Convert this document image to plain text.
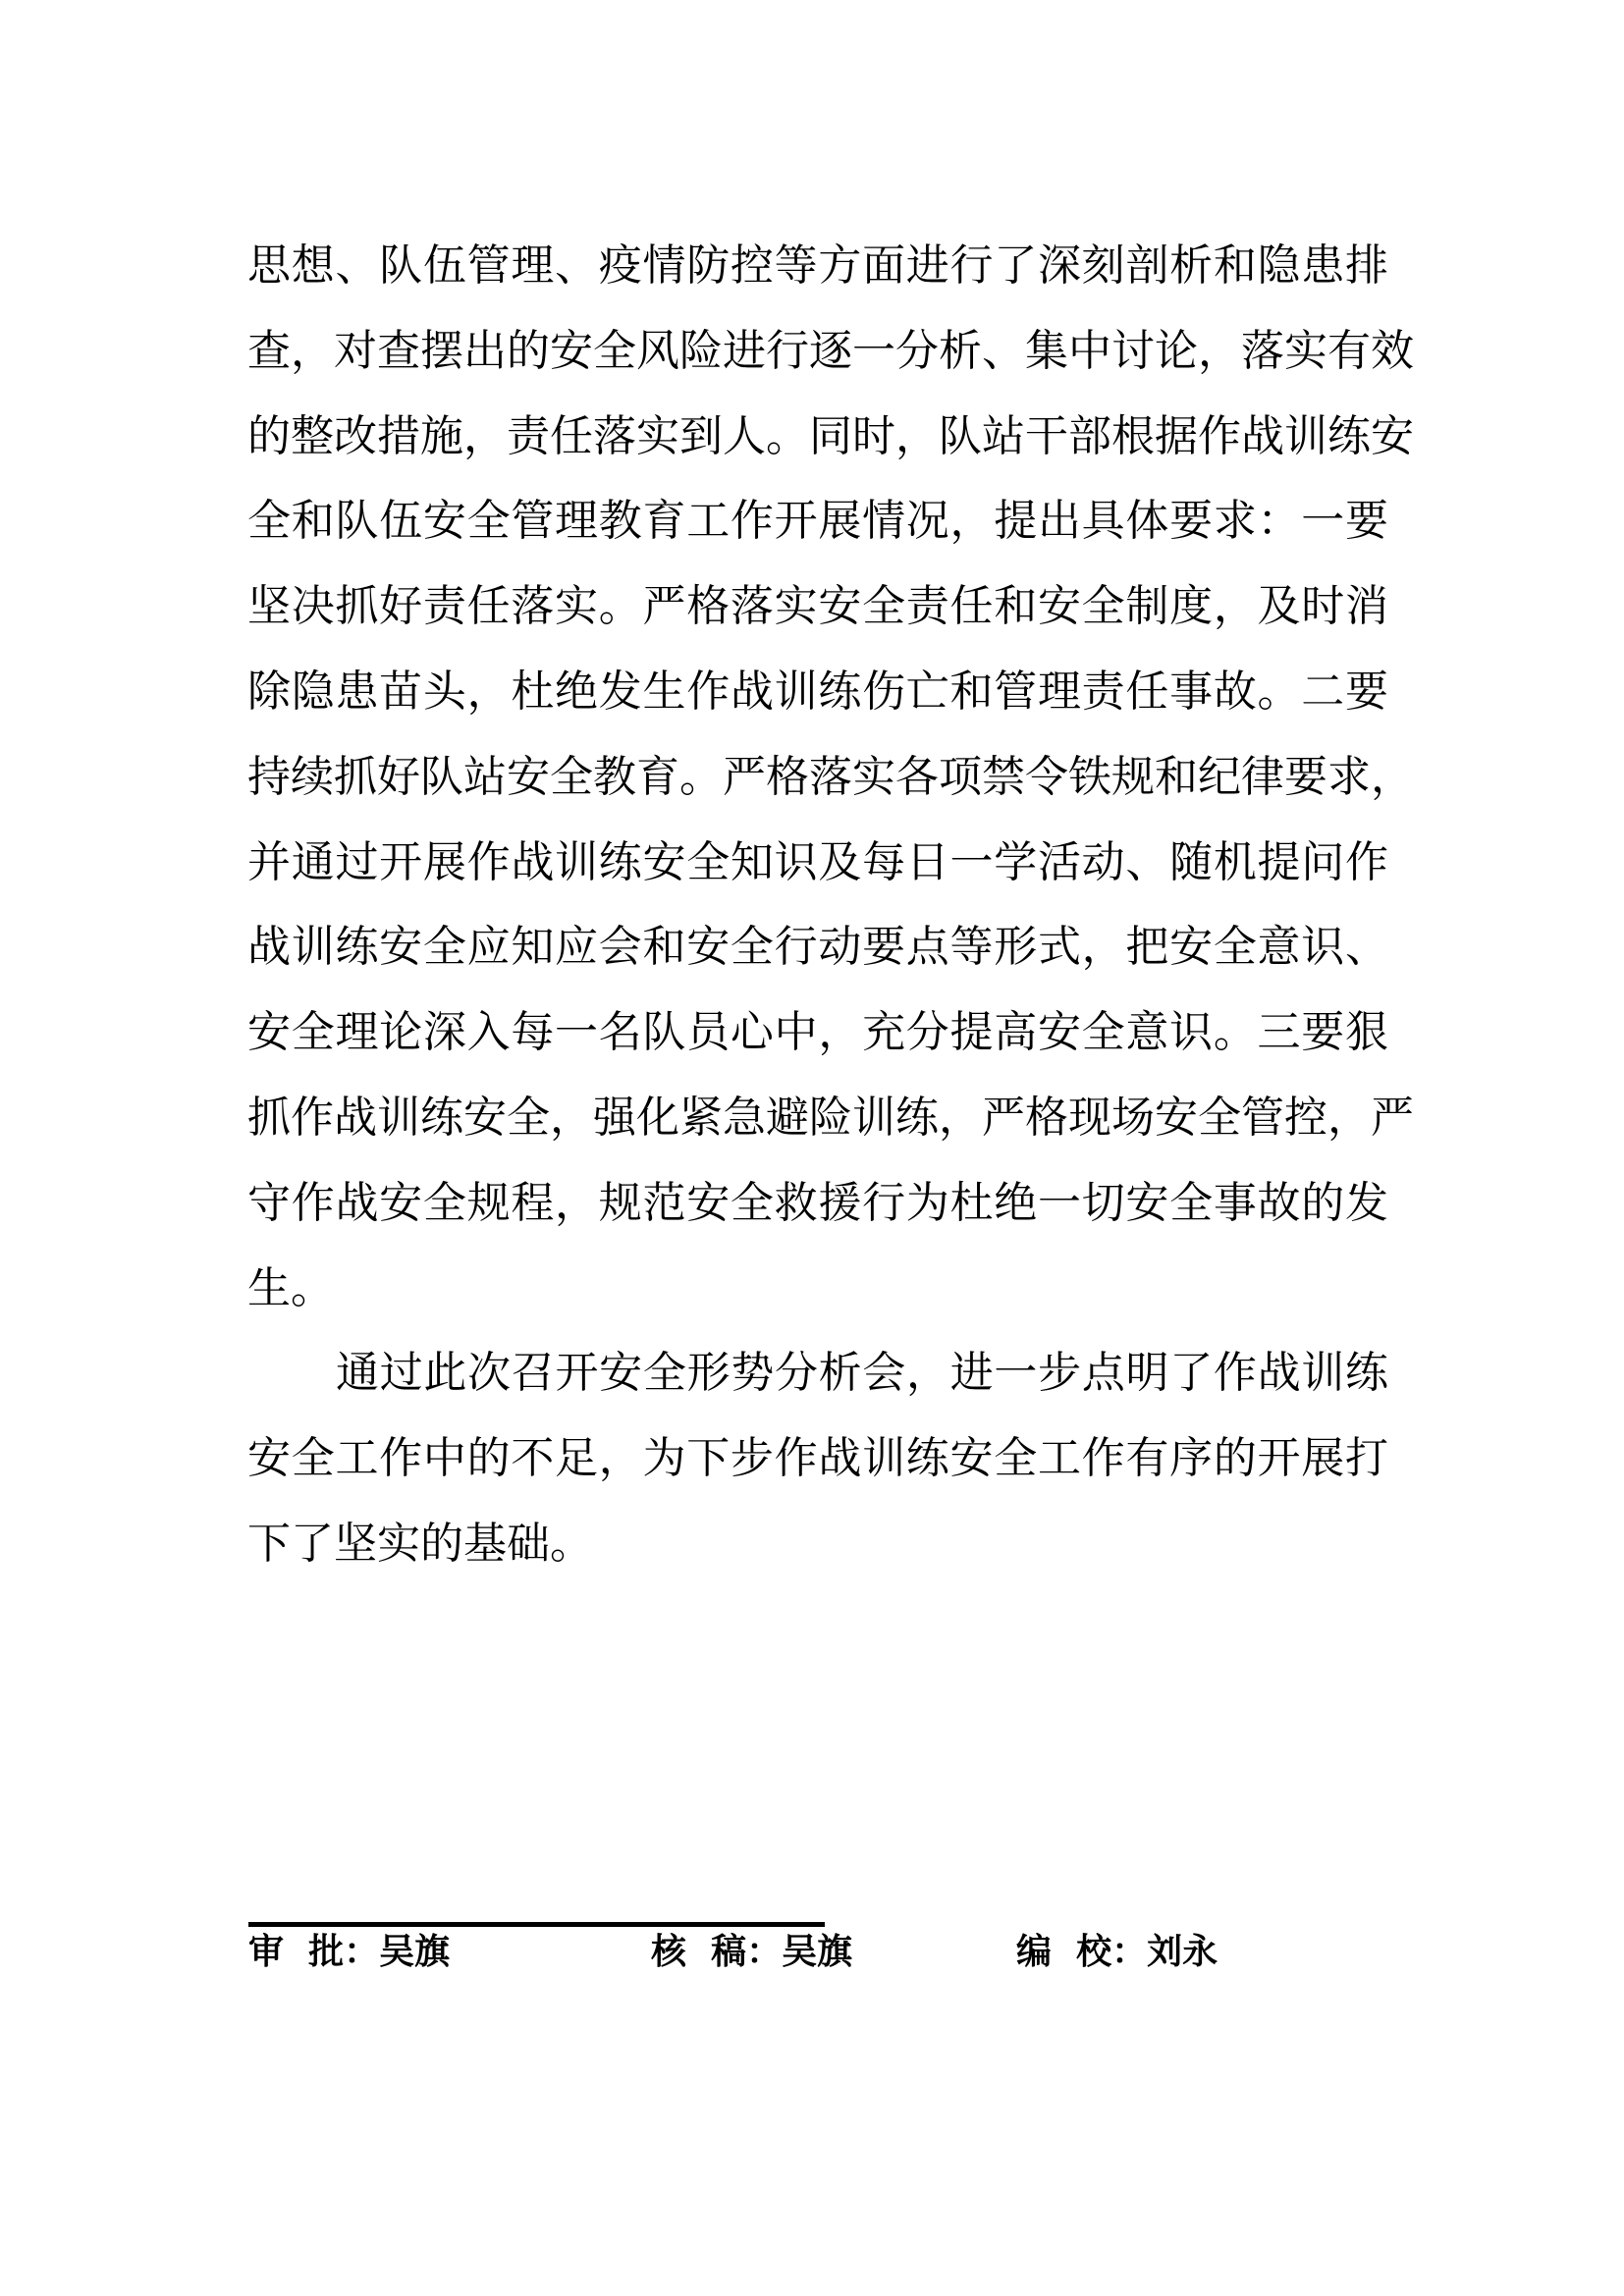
思想、队伍管理、疫情防控等方面进行了深刻剖析和隐患排
查，对查摆出的安全风险进行逐一分析、集中讨论，落实有效
的整改措施，责任落实到人。同时，队站干部根据作战训练安
全和队伍安全管理教育工作开展情况，提出具体要求：一要
坚决抓好责任落实。严格落实安全责任和安全制度，及时消
除隐患苗头，杜绝发生作战训练伤亡和管理责任事故。二要
持续抓好队站安全教育。严格落实各项禁令铁规和纪律要求，
并通过开展作战训练安全知识及每日一学活动、随机提问作
战训练安全应知应会和安全行动要点等形式，把安全意识、
安全理论深入每一名队员心中，充分提高安全意识。三要狠
抓作战训练安全，强化紧急避险训练，严格现场安全管控，严
守作战安全规程，规范安全救援行为杜绝一切安全事故的发
生。
通过此次召开安全形势分析会，进一步点明了作战训练
安全工作中的不足，为下步作战训练安全工作有序的开展打
下了坚实的基础。
审  批：吴旗	核  稿：吴旗	编  校：刘永
